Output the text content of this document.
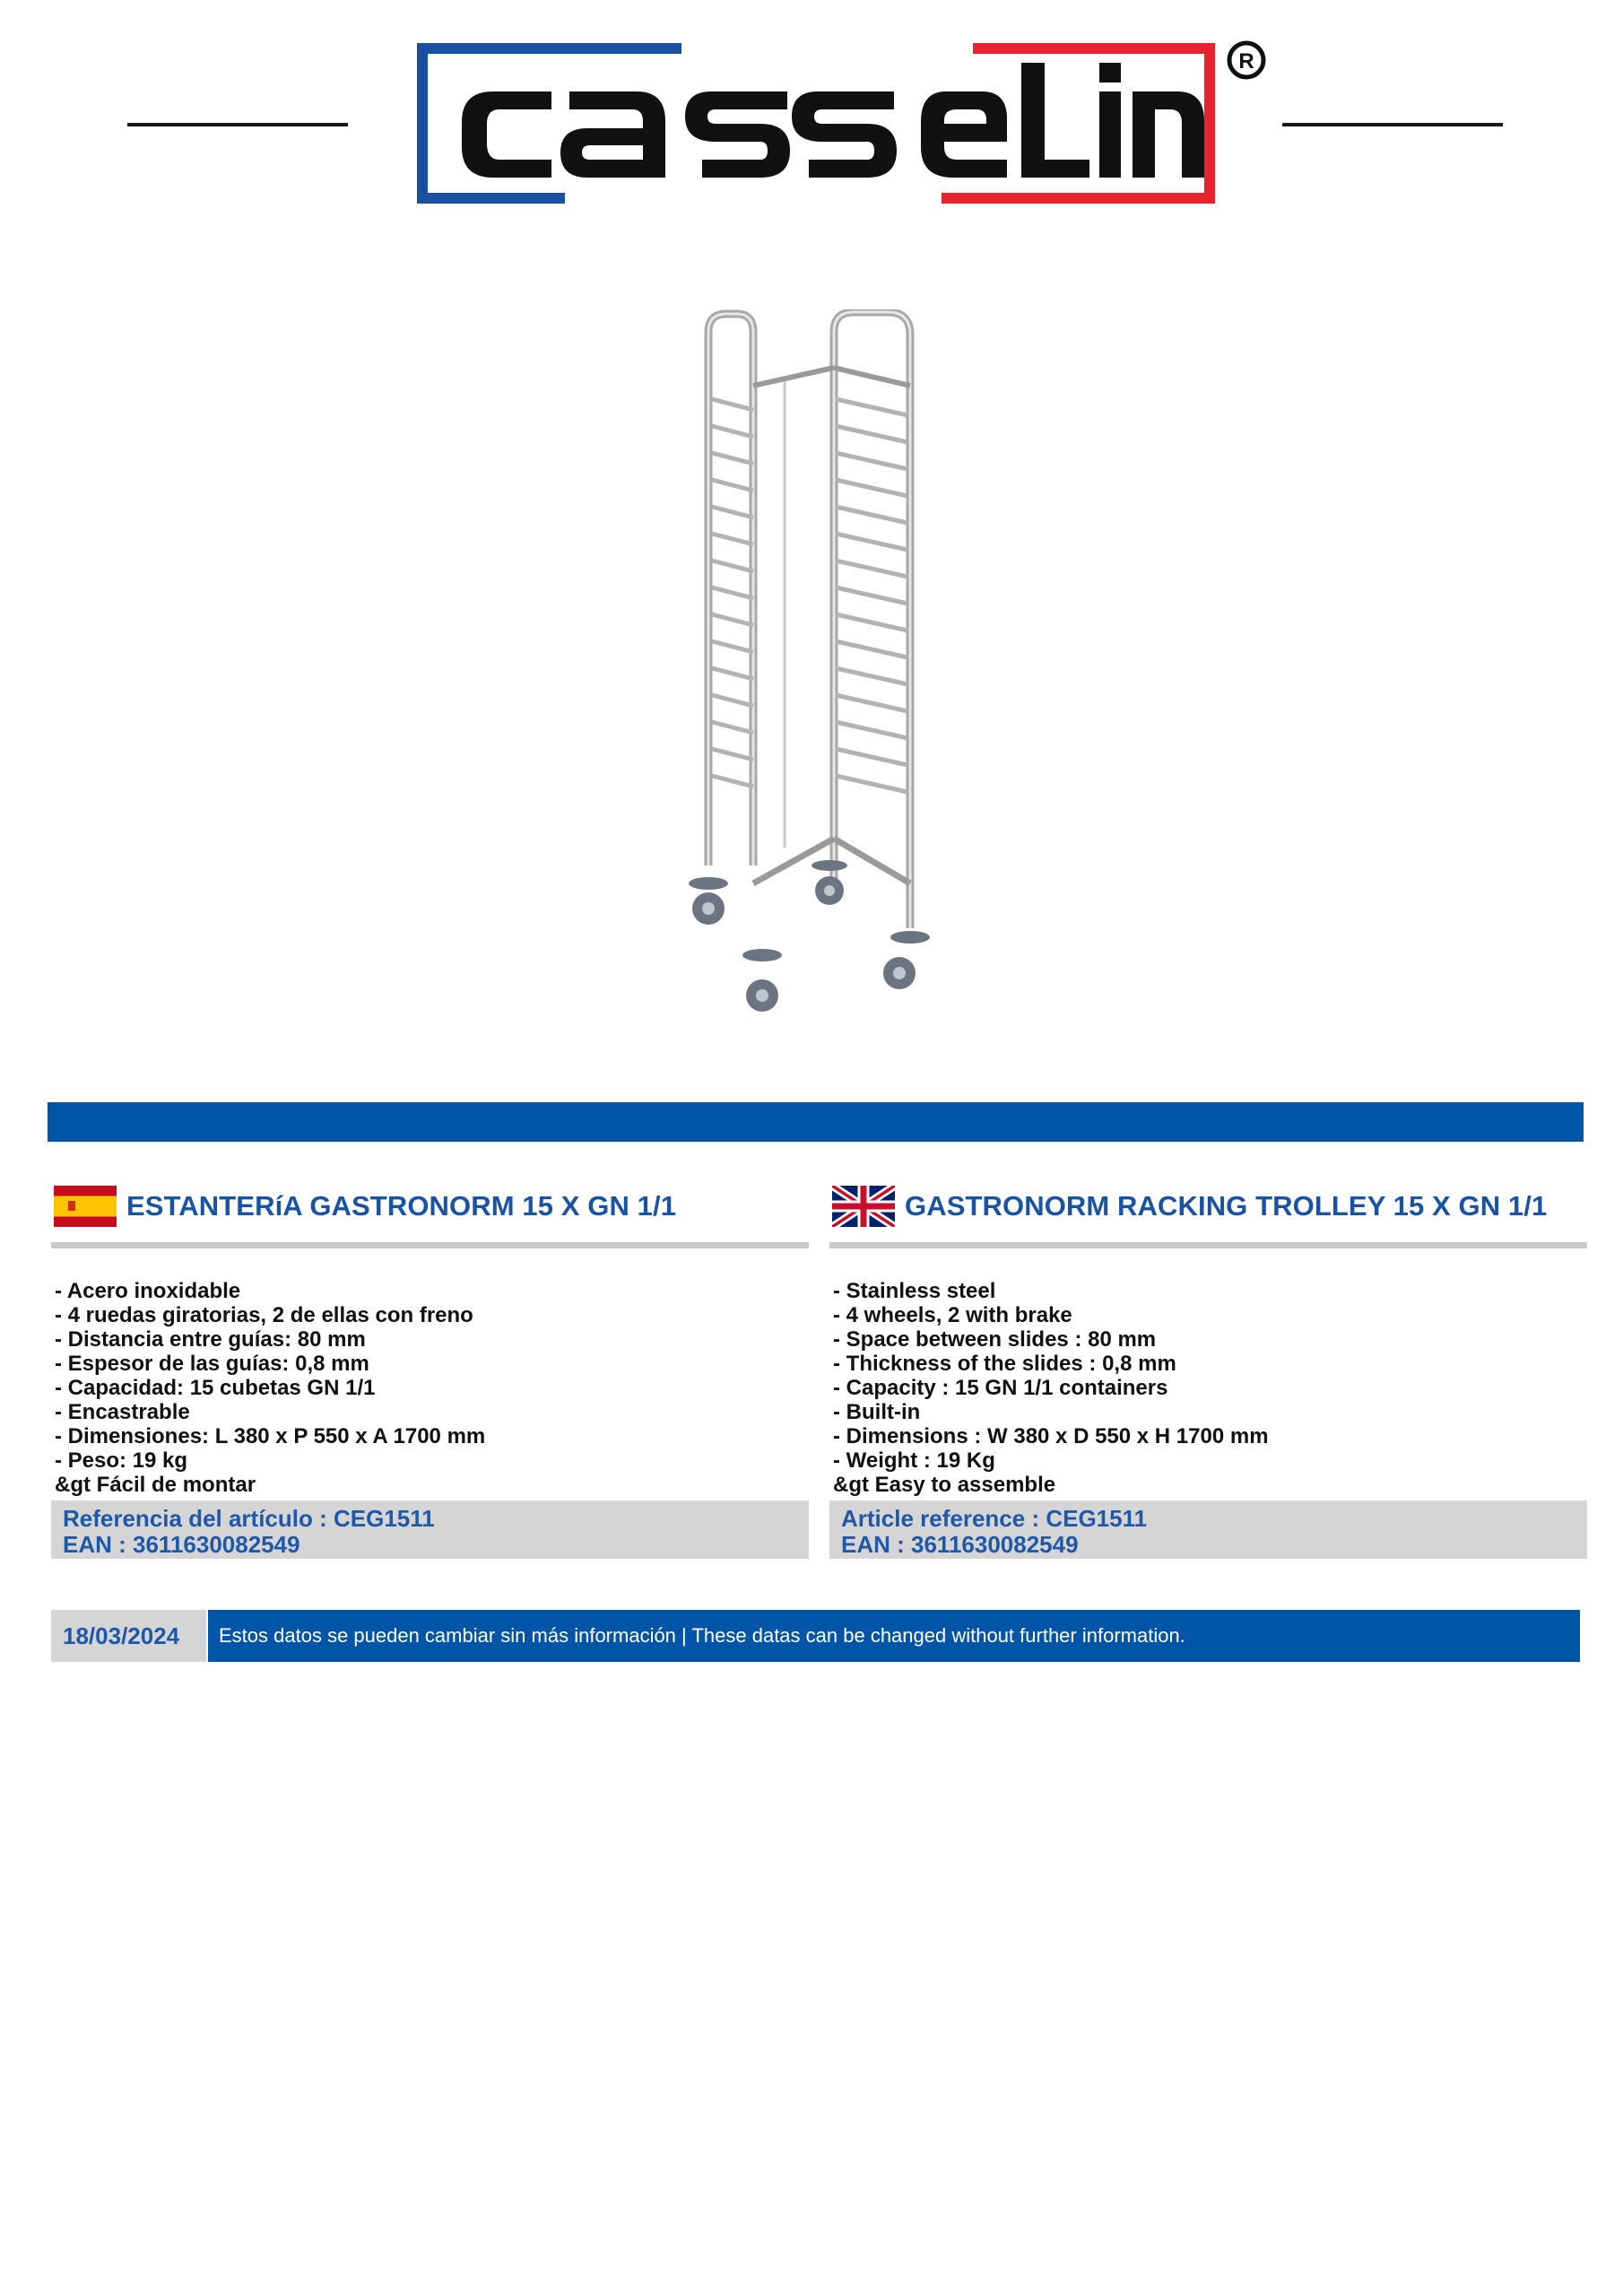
R
ESTANTERíA GASTRONORM 15 X GN 1/1
- Acero inoxidable
- 4 ruedas giratorias, 2 de ellas con freno
- Distancia entre guías: 80 mm
- Espesor de las guías: 0,8 mm
- Capacidad: 15 cubetas GN 1/1
- Encastrable
- Dimensiones: L 380 x P 550 x A 1700 mm
- Peso: 19 kg
&gt Fácil de montar
Referencia del artículo : CEG1511
EAN : 3611630082549
GASTRONORM RACKING TROLLEY 15 X GN 1/1
- Stainless steel
- 4 wheels, 2 with brake
- Space between slides : 80 mm
- Thickness of the slides : 0,8 mm
- Capacity : 15 GN 1/1 containers
- Built-in
- Dimensions : W 380 x D 550 x H 1700 mm
- Weight : 19 Kg
&gt Easy to assemble
Article reference : CEG1511
EAN : 3611630082549
18/03/2024	Estos datos se pueden cambiar sin más información | These datas can be changed without further information.
